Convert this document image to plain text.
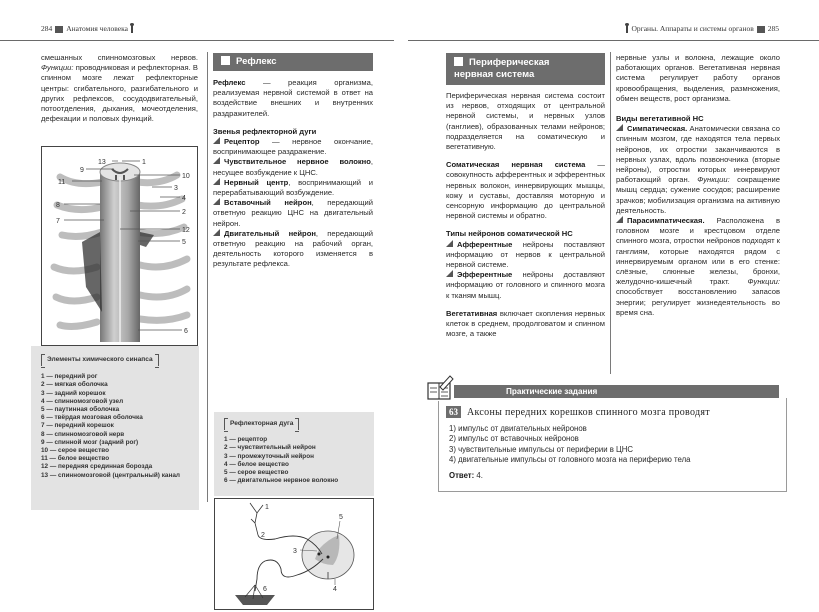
284 Анатомия человека

смешанных спинномозговых нервов. Функции: проводниковая и рефлекторная. В спинном мозге лежат рефлекторные центры: сгибательного, разгибательного и других рефлексов, сосудодвигательный, потоотделения, дыхания, мочеотделения, дефекации и половых функций.

13	1
9
11
10
3
4
8
2
7
12
5
6
Элементы химического синапса
1 — передний рог
2 — мягкая оболочка
3 — задний корешок
4 — спинномозговой узел
5 — паутинная оболочка
6 — твёрдая мозговая оболочка
7 — передний корешок
8 — спинномозговой нерв
9 — спинной мозг (задний рог)
10 — серое вещество
11 — белое вещество
12 — передняя срединная борозда
13 — спинномозговой (центральный) канал
Рефлекс

Рефлекс — реакция организма, реализуемая нервной системой в ответ на воздействие внешних и внутренних раздражителей.

Звенья рефлекторной дуги

Рецептор — нервное окончание, воспринимающее раздражение.

Чувствительное нервное волокно, несущее возбуждение к ЦНС.

Нервный центр, воспринимающий и перерабатывающий возбуждение.

Вставочный нейрон, передающий ответную реакцию ЦНС на двигательный нейрон.

Двигательный нейрон, передающий ответную реакцию на рабочий орган, деятельность которого изменяется в результате рефлекса.

1
2
3
4
5
6
Рефлекторная дуга
1 — рецептор
2 — чувствительный нейрон
3 — промежуточный нейрон
4 — белое вещество
5 — серое вещество
6 — двигательное нервное волокно
Органы. Аппараты и системы органов 285
Периферическая
нервная система

Периферическая нервная система состоит из нервов, отходящих от центральной нервной системы, и нервных узлов (ганглиев), образованных телами нейронов; подразделяется на соматическую и вегетативную.

Соматическая нервная система — совокупность афферентных и эфферентных нервных волокон, иннервирующих мышцы, кожу и суставы, доставляя моторную и сенсорную информацию до центральной нервной системы и обратно.

Типы нейронов соматической НС

Афферентные нейроны поставляют информацию от нервов к центральной нервной системе.

Эфферентные нейроны доставляют информацию от головного и спинного мозга к тканям мышц.

Вегетативная включает скопления нервных клеток в среднем, продолговатом и спинном мозге, а также

нервные узлы и волокна, лежащие около работающих органов. Вегетативная нервная система регулирует работу органов кровообращения, выделения, размножения, обмен веществ, рост организма.

Виды вегетативной НС

Симпатическая. Анатомически связана со спинным мозгом, где находятся тела первых нейронов, их отростки заканчиваются в нервных узлах, вдоль позвоночника (вторые нейроны), отростки которых иннервируют работающий орган. Функции: сокращение мышц сердца; сужение сосудов; расширение зрачков; мобилизация организма на активную деятельность.

Парасимпатическая. Расположена в головном мозге и крестцовом отделе спинного мозга, отростки нейронов подходят к ганглиям, которые находятся рядом с иннервируемым органом или в его стенке: слёзные, слюнные железы, бронхи, желудочно-кишечный тракт. Функции: способствует восстановлению запасов энергии; регулирует жизнедеятельность во время сна.

Практические задания
63 Аксоны передних корешков спинного мозга проводят
1) импульс от двигательных нейронов
2) импульс от вставочных нейронов
3) чувствительные импульсы от периферии в ЦНС
4) двигательные импульсы от головного мозга на периферию тела
Ответ: 4.
